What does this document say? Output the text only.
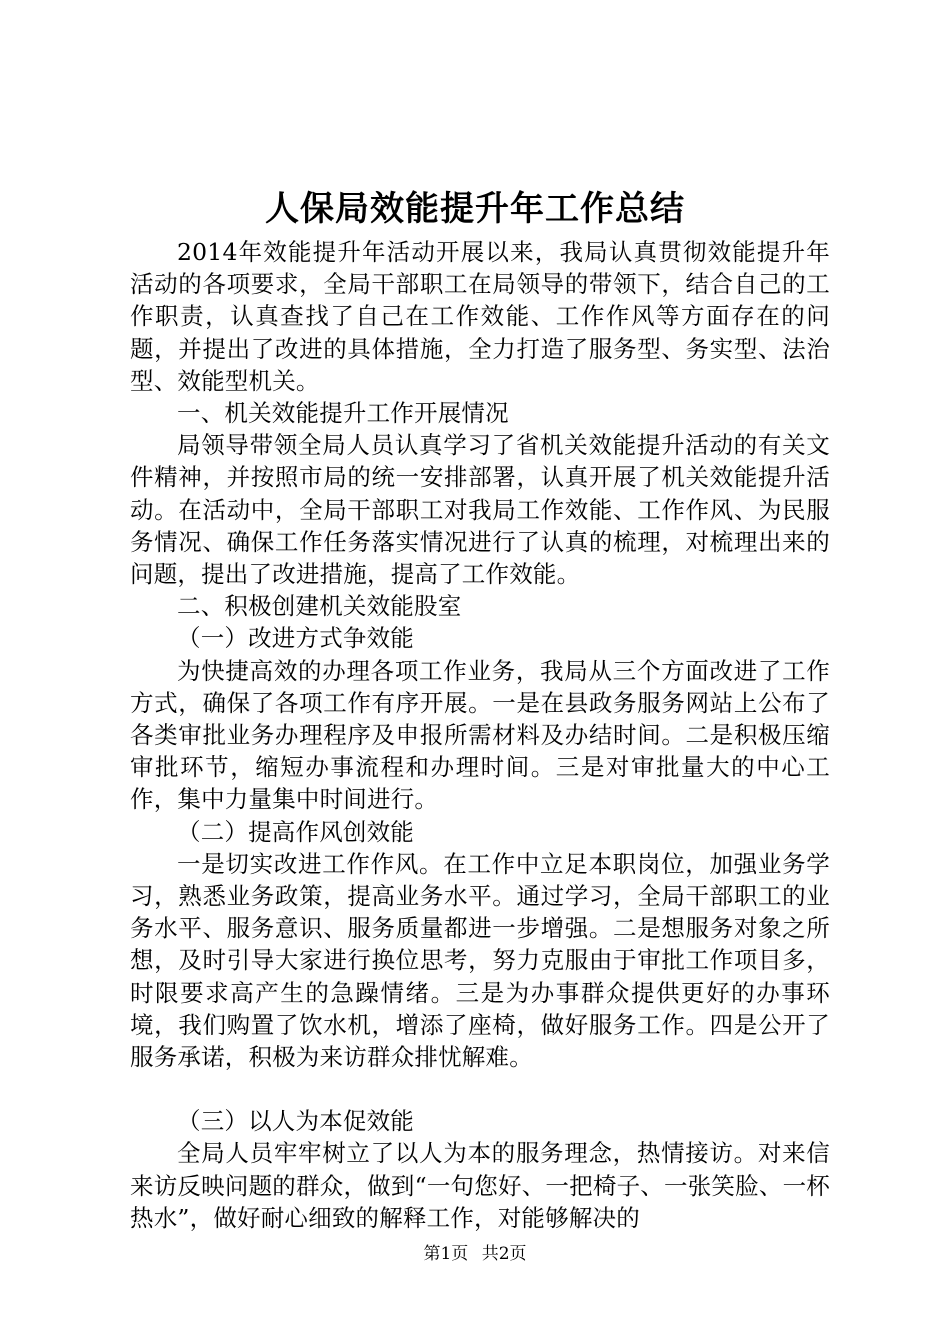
人保局效能提升年工作总结

2014年效能提升年活动开展以来，我局认真贯彻效能提升年活动的各项要求，全局干部职工在局领导的带领下，结合自己的工作职责，认真查找了自己在工作效能、工作作风等方面存在的问题，并提出了改进的具体措施，全力打造了服务型、务实型、法治型、效能型机关。

一、机关效能提升工作开展情况

局领导带领全局人员认真学习了省机关效能提升活动的有关文件精神，并按照市局的统一安排部署，认真开展了机关效能提升活动。在活动中，全局干部职工对我局工作效能、工作作风、为民服务情况、确保工作任务落实情况进行了认真的梳理，对梳理出来的问题，提出了改进措施，提高了工作效能。

二、积极创建机关效能股室

（一）改进方式争效能

为快捷高效的办理各项工作业务，我局从三个方面改进了工作方式，确保了各项工作有序开展。一是在县政务服务网站上公布了各类审批业务办理程序及申报所需材料及办结时间。二是积极压缩审批环节，缩短办事流程和办理时间。三是对审批量大的中心工作，集中力量集中时间进行。

（二）提高作风创效能

一是切实改进工作作风。在工作中立足本职岗位，加强业务学习，熟悉业务政策，提高业务水平。通过学习，全局干部职工的业务水平、服务意识、服务质量都进一步增强。二是想服务对象之所想，及时引导大家进行换位思考，努力克服由于审批工作项目多，时限要求高产生的急躁情绪。三是为办事群众提供更好的办事环境，我们购置了饮水机，增添了座椅，做好服务工作。四是公开了服务承诺，积极为来访群众排忧解难。

（三）以人为本促效能

全局人员牢牢树立了以人为本的服务理念，热情接访。对来信来访反映问题的群众，做到“一句您好、一把椅子、一张笑脸、一杯热水”，做好耐心细致的解释工作，对能够解决的

第1页 共2页
